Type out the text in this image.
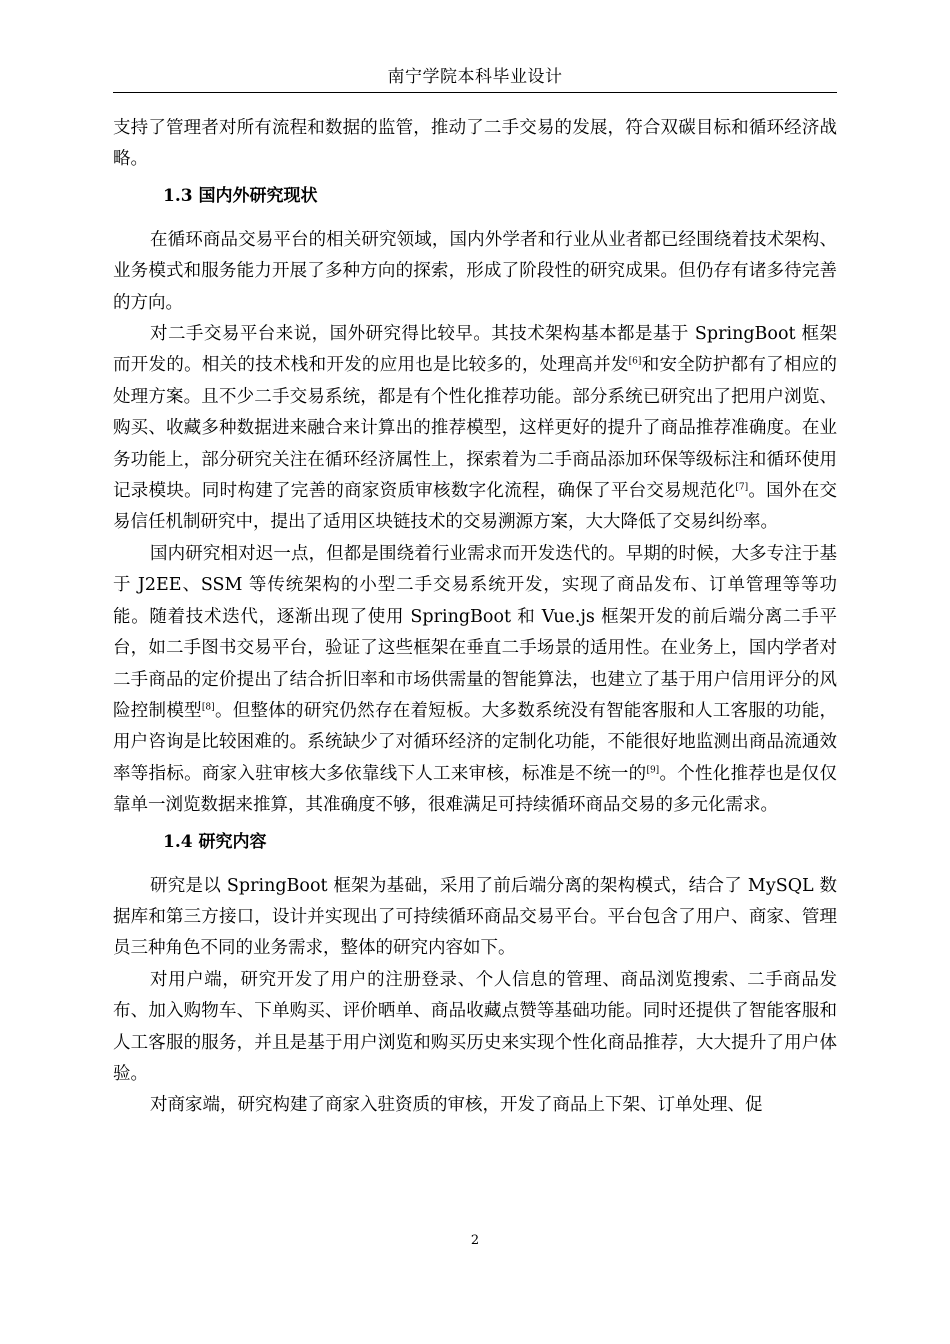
南宁学院本科毕业设计

支持了管理者对所有流程和数据的监管，推动了二手交易的发展，符合双碳目标和循环经济战略。

1.3 国内外研究现状

在循环商品交易平台的相关研究领域，国内外学者和行业从业者都已经围绕着技术架构、业务模式和服务能力开展了多种方向的探索，形成了阶段性的研究成果。但仍存有诸多待完善的方向。

对二手交易平台来说，国外研究得比较早。其技术架构基本都是基于 SpringBoot 框架而开发的。相关的技术栈和开发的应用也是比较多的，处理高并发[6]和安全防护都有了相应的处理方案。且不少二手交易系统，都是有个性化推荐功能。部分系统已研究出了把用户浏览、购买、收藏多种数据进来融合来计算出的推荐模型，这样更好的提升了商品推荐准确度。在业务功能上，部分研究关注在循环经济属性上，探索着为二手商品添加环保等级标注和循环使用记录模块。同时构建了完善的商家资质审核数字化流程，确保了平台交易规范化[7]。国外在交易信任机制研究中，提出了适用区块链技术的交易溯源方案，大大降低了交易纠纷率。

国内研究相对迟一点，但都是围绕着行业需求而开发迭代的。早期的时候，大多专注于基于 J2EE、SSM 等传统架构的小型二手交易系统开发，实现了商品发布、订单管理等等功能。随着技术迭代，逐渐出现了使用 SpringBoot 和 Vue.js 框架开发的前后端分离二手平台，如二手图书交易平台，验证了这些框架在垂直二手场景的适用性。在业务上，国内学者对二手商品的定价提出了结合折旧率和市场供需量的智能算法，也建立了基于用户信用评分的风险控制模型[8]。但整体的研究仍然存在着短板。大多数系统没有智能客服和人工客服的功能，用户咨询是比较困难的。系统缺少了对循环经济的定制化功能，不能很好地监测出商品流通效率等指标。商家入驻审核大多依靠线下人工来审核，标准是不统一的[9]。个性化推荐也是仅仅靠单一浏览数据来推算，其准确度不够，很难满足可持续循环商品交易的多元化需求。

1.4 研究内容

研究是以 SpringBoot 框架为基础，采用了前后端分离的架构模式，结合了 MySQL 数据库和第三方接口，设计并实现出了可持续循环商品交易平台。平台包含了用户、商家、管理员三种角色不同的业务需求，整体的研究内容如下。

对用户端，研究开发了用户的注册登录、个人信息的管理、商品浏览搜索、二手商品发布、加入购物车、下单购买、评价晒单、商品收藏点赞等基础功能。同时还提供了智能客服和人工客服的服务，并且是基于用户浏览和购买历史来实现个性化商品推荐，大大提升了用户体验。

对商家端，研究构建了商家入驻资质的审核，开发了商品上下架、订单处理、促

2
